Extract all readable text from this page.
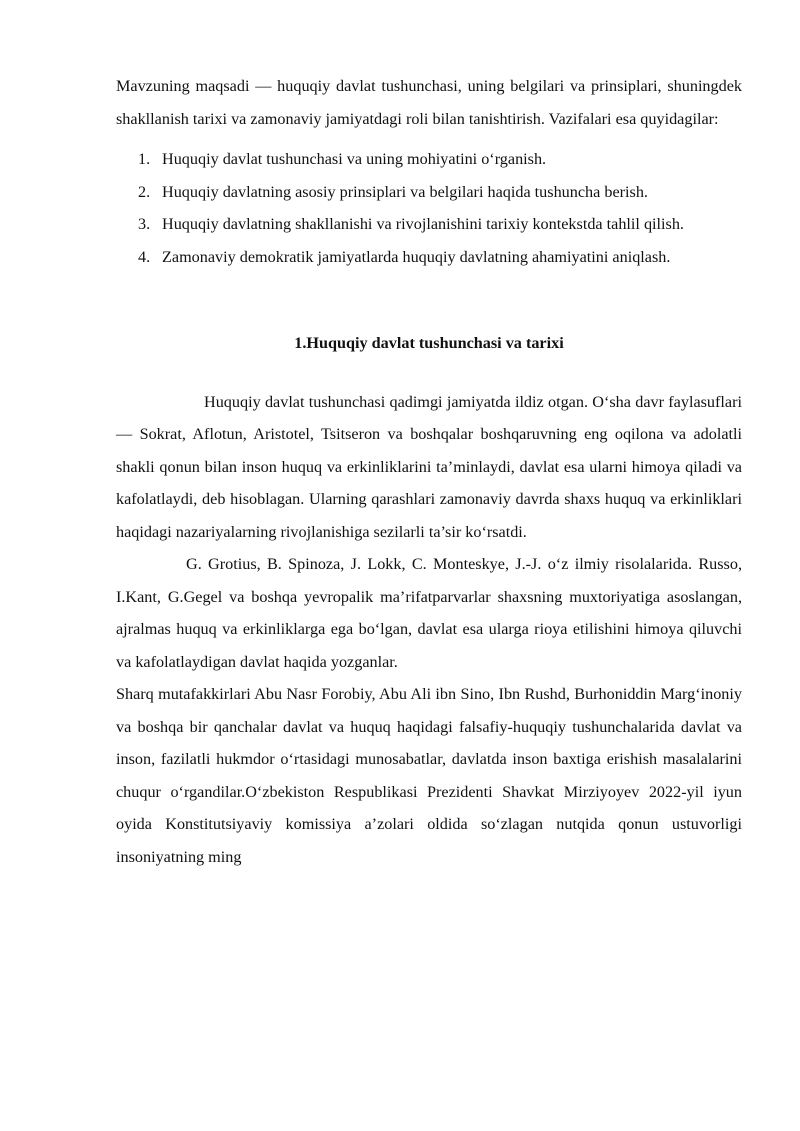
Mavzuning maqsadi — huquqiy davlat tushunchasi, uning belgilari va prinsiplari, shuningdek shakllanish tarixi va zamonaviy jamiyatdagi roli bilan tanishtirish. Vazifalari esa quyidagilar:

1. Huquqiy davlat tushunchasi va uning mohiyatini o‘rganish.
2. Huquqiy davlatning asosiy prinsiplari va belgilari haqida tushuncha berish.
3. Huquqiy davlatning shakllanishi va rivojlanishini tarixiy kontekstda tahlil qilish.
4. Zamonaviy demokratik jamiyatlarda huquqiy davlatning ahamiyatini aniqlash.
1.Huquqiy davlat tushunchasi va tarixi

Huquqiy davlat tushunchasi qadimgi jamiyatda ildiz otgan. O‘sha davr faylasuflari — Sokrat, Aflotun, Aristotel, Tsitseron va boshqalar boshqaruvning eng oqilona va adolatli shakli qonun bilan inson huquq va erkinliklarini ta’minlaydi, davlat esa ularni himoya qiladi va kafolatlaydi, deb hisoblagan. Ularning qarashlari zamonaviy davrda shaxs huquq va erkinliklari haqidagi nazariyalarning rivojlanishiga sezilarli ta’sir ko‘rsatdi.

G. Grotius, B. Spinoza, J. Lokk, C. Monteskye, J.-J. o‘z ilmiy risolalarida. Russo, I.Kant, G.Gegel va boshqa yevropalik ma’rifatparvarlar shaxsning muxtoriyatiga asoslangan, ajralmas huquq va erkinliklarga ega bo‘lgan, davlat esa ularga rioya etilishini himoya qiluvchi va kafolatlaydigan davlat haqida yozganlar.

Sharq mutafakkirlari Abu Nasr Forobiy, Abu Ali ibn Sino, Ibn Rushd, Burhoniddin Marg‘inoniy va boshqa bir qanchalar davlat va huquq haqidagi falsafiy-huquqiy tushunchalarida davlat va inson, fazilatli hukmdor o‘rtasidagi munosabatlar, davlatda inson baxtiga erishish masalalarini chuqur o‘rgandilar.O‘zbekiston Respublikasi Prezidenti Shavkat Mirziyoyev 2022-yil iyun oyida Konstitutsiyaviy komissiya a’zolari oldida so‘zlagan nutqida qonun ustuvorligi insoniyatning ming
